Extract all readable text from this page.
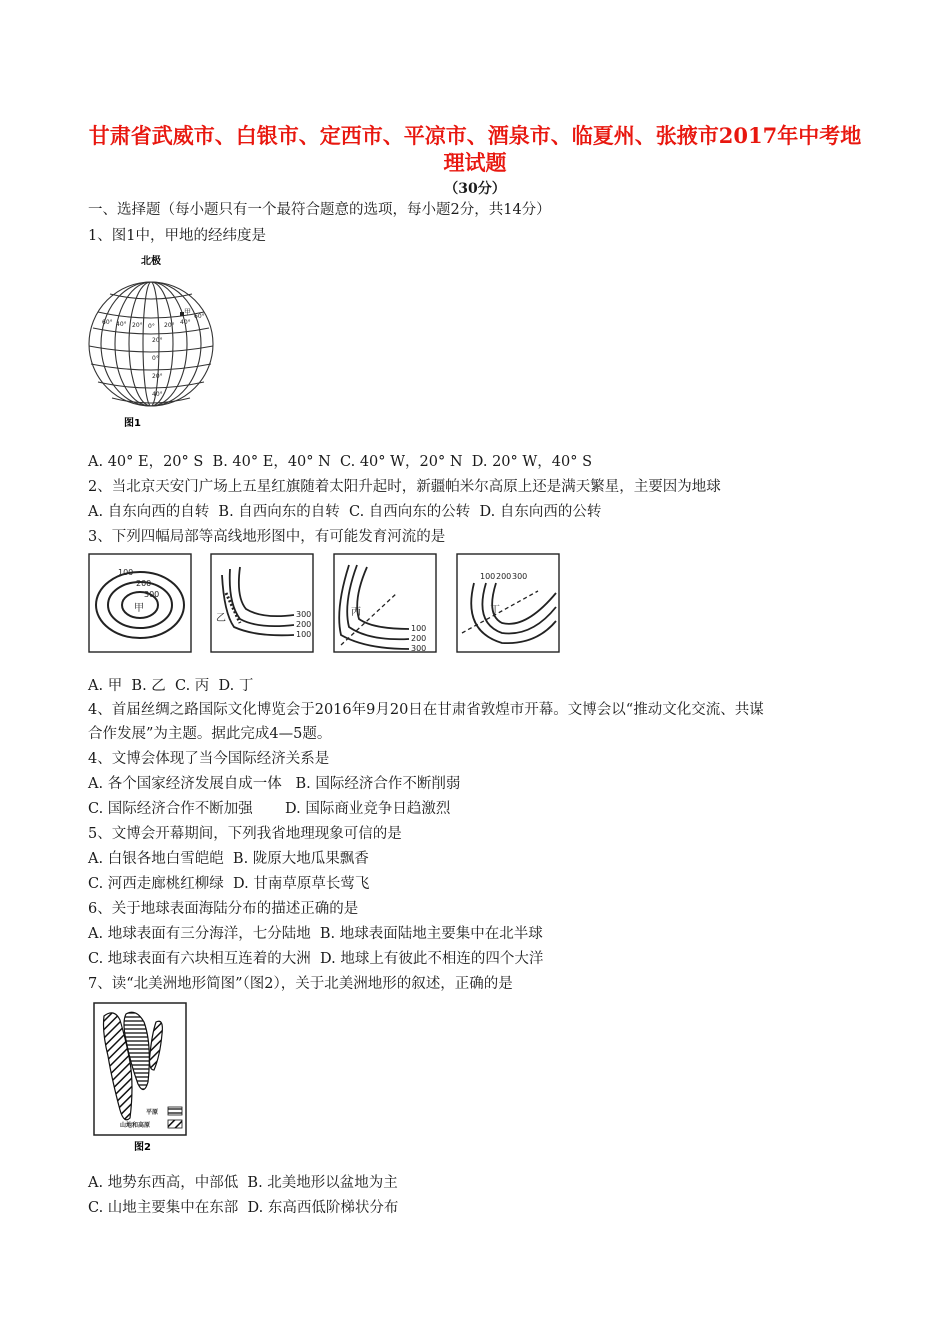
甘肃省武威市、白银市、定西市、平凉市、酒泉市、临夏州、张掖市2017年中考地
理试题
（30分）
一、选择题（每小题只有一个最符合题意的选项，每小题2分，共14分）
1、图1中，甲地的经纬度是
北极
60° 40° 20° 0° 20° 40°
60°
20°
0°
20°
40°
甲
图1
A. 40° E，20° S  B. 40° E，40° N  C. 40° W，20° N  D. 20° W，40° S
2、当北京天安门广场上五星红旗随着太阳升起时，新疆帕米尔高原上还是满天繁星，主要因为地球
A. 自东向西的自转  B. 自西向东的自转  C. 自西向东的公转  D. 自东向西的公转
3、下列四幅局部等高线地形图中，有可能发育河流的是
100
200
300
甲
300
200
100
乙
100
200
300
丙
100 200 300
丁
A. 甲  B. 乙  C. 丙  D. 丁
4、首届丝绸之路国际文化博览会于2016年9月20日在甘肃省敦煌市开幕。文博会以“推动文化交流、共谋
合作发展”为主题。据此完成4—5题。
4、文博会体现了当今国际经济关系是
A. 各个国家经济发展自成一体   B. 国际经济合作不断削弱
C. 国际经济合作不断加强       D. 国际商业竞争日趋激烈
5、文博会开幕期间，下列我省地理现象可信的是
A. 白银各地白雪皑皑  B. 陇原大地瓜果飘香
C. 河西走廊桃红柳绿  D. 甘南草原草长莺飞
6、关于地球表面海陆分布的描述正确的是
A. 地球表面有三分海洋，七分陆地  B. 地球表面陆地主要集中在北半球
C. 地球表面有六块相互连着的大洲  D. 地球上有彼此不相连的四个大洋
7、读“北美洲地形简图”（图2），关于北美洲地形的叙述，正确的是
平原
山地和高原
图2
A. 地势东西高，中部低  B. 北美地形以盆地为主
C. 山地主要集中在东部  D. 东高西低阶梯状分布
